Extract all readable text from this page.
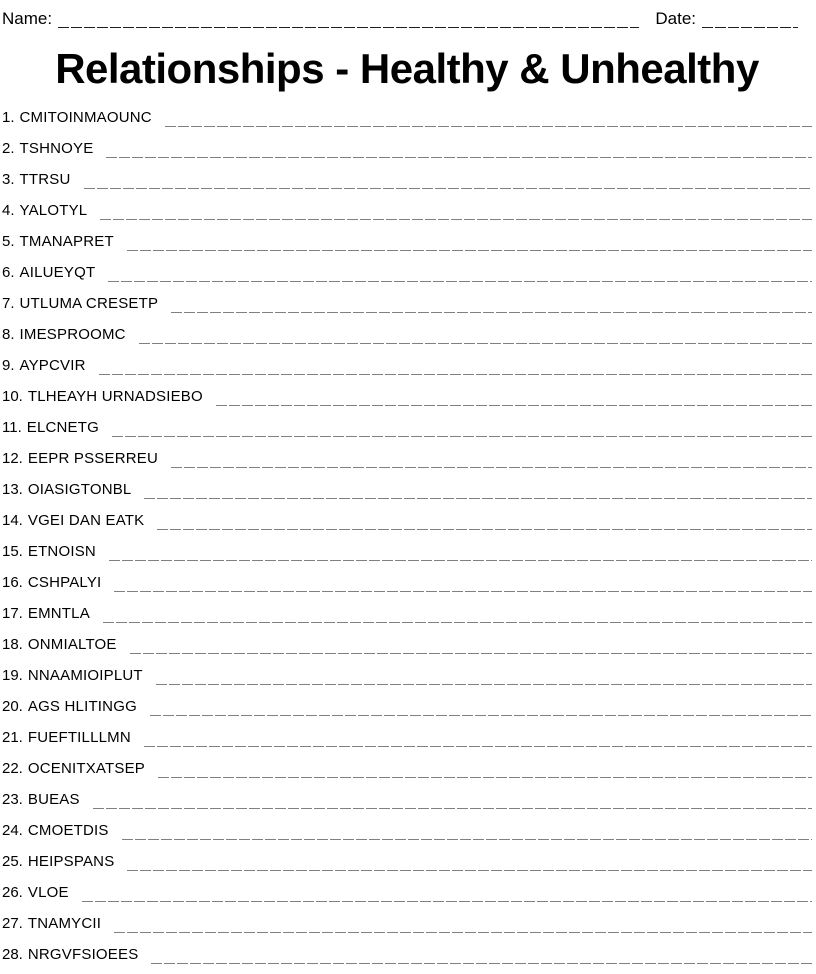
Name:	Date:
Relationships - Healthy & Unhealthy
1. CMITOINMAOUNC
2. TSHNOYE
3. TTRSU
4. YALOTYL
5. TMANAPRET
6. AILUEYQT
7. UTLUMA CRESETP
8. IMESPROOMC
9. AYPCVIR
10. TLHEAYH URNADSIEBO
11. ELCNETG
12. EEPR PSSERREU
13. OIASIGTONBL
14. VGEI DAN EATK
15. ETNOISN
16. CSHPALYI
17. EMNTLA
18. ONMIALTOE
19. NNAAMIOIPLUT
20. AGS HLITINGG
21. FUEFTILLLMN
22. OCENITXATSEP
23. BUEAS
24. CMOETDIS
25. HEIPSPANS
26. VLOE
27. TNAMYCII
28. NRGVFSIOEES
